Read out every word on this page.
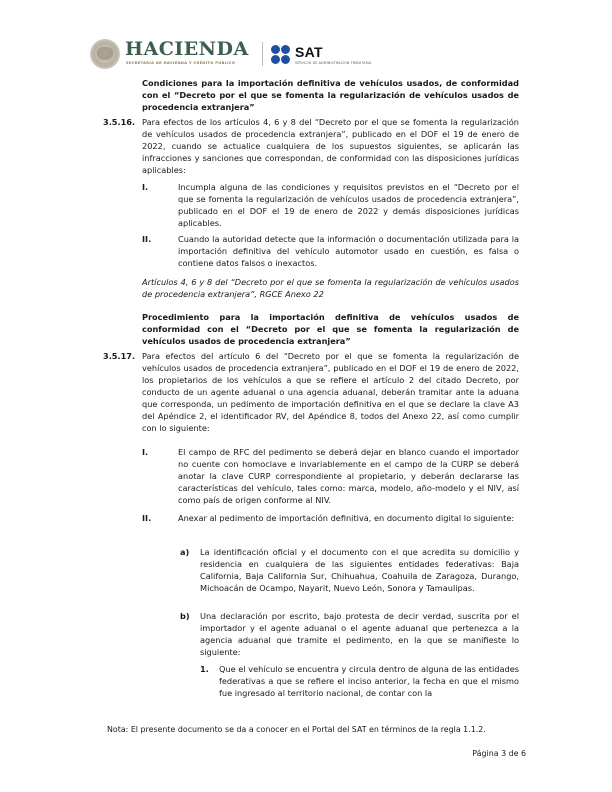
HACIENDA
SECRETARÍA DE HACIENDA Y CRÉDITO PÚBLICO
SAT
SERVICIO DE ADMINISTRACIÓN TRIBUTARIA
Condiciones para la importación definitiva de vehículos usados, de conformidad con el “Decreto por el que se fomenta la regularización de vehículos usados de procedencia extranjera”
3.5.16. Para efectos de los artículos 4, 6 y 8 del “Decreto por el que se fomenta la regularización de vehículos usados de procedencia extranjera”, publicado en el DOF el 19 de enero de 2022, cuando se actualice cualquiera de los supuestos siguientes, se aplicarán las infracciones y sanciones que correspondan, de conformidad con las disposiciones jurídicas aplicables:
I.	Incumpla alguna de las condiciones y requisitos previstos en el “Decreto por el que se fomenta la regularización de vehículos usados de procedencia extranjera”, publicado en el DOF el 19 de enero de 2022 y demás disposiciones jurídicas aplicables.
II.	Cuando la autoridad detecte que la información o documentación utilizada para la importación definitiva del vehículo automotor usado en cuestión, es falsa o contiene datos falsos o inexactos.
Artículos 4, 6 y 8 del “Decreto por el que se fomenta la regularización de vehículos usados de procedencia extranjera”, RGCE Anexo 22
Procedimiento para la importación definitiva de vehículos usados de conformidad con el “Decreto por el que se fomenta la regularización de vehículos usados de procedencia extranjera”
3.5.17. Para efectos del artículo 6 del “Decreto por el que se fomenta la regularización de vehículos usados de procedencia extranjera”, publicado en el DOF el 19 de enero de 2022, los propietarios de los vehículos a que se refiere el artículo 2 del citado Decreto, por conducto de un agente aduanal o una agencia aduanal, deberán tramitar ante la aduana que corresponda, un pedimento de importación definitiva en el que se declare la clave A3 del Apéndice 2, el identificador RV, del Apéndice 8, todos del Anexo 22, así como cumplir con lo siguiente:
I.	El campo de RFC del pedimento se deberá dejar en blanco cuando el importador no cuente con homoclave e invariablemente en el campo de la CURP se deberá anotar la clave CURP correspondiente al propietario, y deberán declararse las características del vehículo, tales como: marca, modelo, año-modelo y el NIV, así como país de origen conforme al NIV.
II.	Anexar al pedimento de importación definitiva, en documento digital lo siguiente:
a) La identificación oficial y el documento con el que acredita su domicilio y residencia en cualquiera de las siguientes entidades federativas: Baja California, Baja California Sur, Chihuahua, Coahuila de Zaragoza, Durango, Michoacán de Ocampo, Nayarit, Nuevo León, Sonora y Tamaulipas.
b) Una declaración por escrito, bajo protesta de decir verdad, suscrita por el importador y el agente aduanal o el agente aduanal que pertenezca a la agencia aduanal que tramite el pedimento, en la que se manifieste lo siguiente:
1. Que el vehículo se encuentra y circula dentro de alguna de las entidades federativas a que se refiere el inciso anterior, la fecha en que el mismo fue ingresado al territorio nacional, de contar con la
Nota: El presente documento se da a conocer en el Portal del SAT en términos de la regla 1.1.2.
Página 3 de 6
